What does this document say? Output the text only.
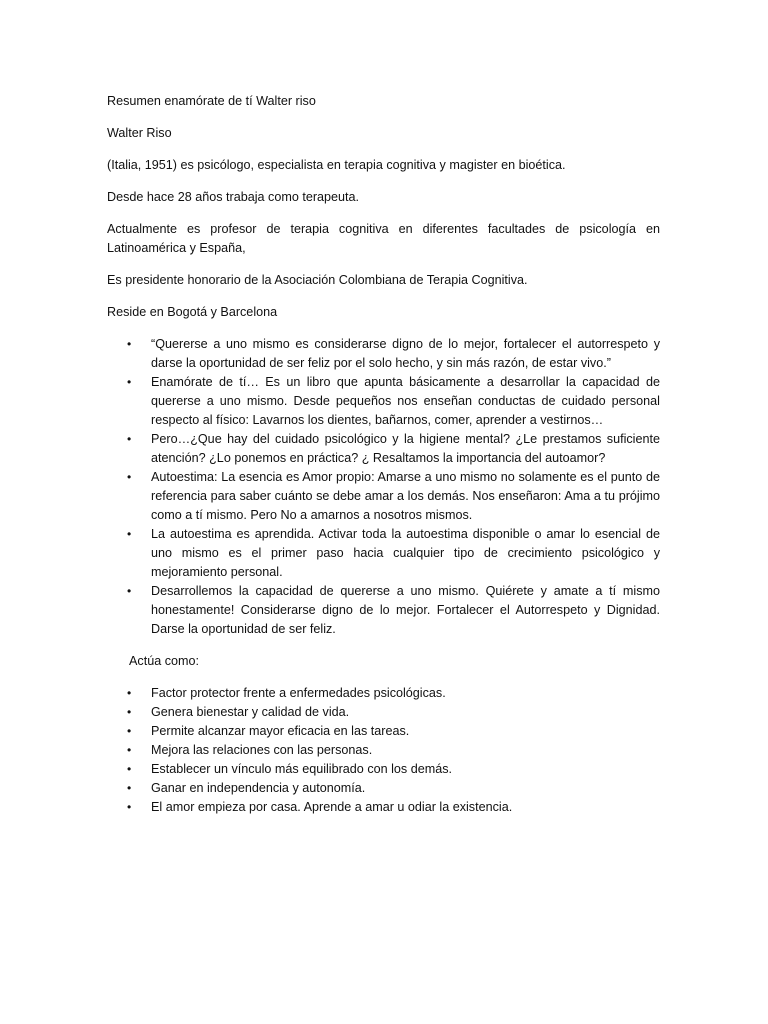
Resumen enamórate de tí Walter riso

Walter Riso

(Italia, 1951) es psicólogo, especialista en terapia cognitiva y magister en bioética.

Desde hace 28 años trabaja como terapeuta.

Actualmente es profesor de terapia cognitiva en diferentes facultades de psicología en Latinoamérica y España,

Es presidente honorario de la Asociación Colombiana de Terapia Cognitiva.

Reside en Bogotá y Barcelona

• “Quererse a uno mismo es considerarse digno de lo mejor, fortalecer el autorrespeto y darse la oportunidad de ser feliz por el solo hecho, y sin más razón, de estar vivo.”
• Enamórate de tí… Es un libro que apunta básicamente a desarrollar la capacidad de quererse a uno mismo. Desde pequeños nos enseñan conductas de cuidado personal respecto al físico: Lavarnos los dientes, bañarnos, comer, aprender a vestirnos…
• Pero…¿Que hay del cuidado psicológico y la higiene mental? ¿Le prestamos suficiente atención? ¿Lo ponemos en práctica? ¿ Resaltamos la importancia del autoamor?
• Autoestima: La esencia es Amor propio: Amarse a uno mismo no solamente es el punto de referencia para saber cuánto se debe amar a los demás. Nos enseñaron: Ama a tu prójimo como a tí mismo. Pero No a amarnos a nosotros mismos.
• La autoestima es aprendida. Activar toda la autoestima disponible o amar lo esencial de uno mismo es el primer paso hacia cualquier tipo de crecimiento psicológico y mejoramiento personal.
• Desarrollemos la capacidad de quererse a uno mismo. Quiérete y amate a tí mismo honestamente! Considerarse digno de lo mejor. Fortalecer el Autorrespeto y Dignidad. Darse la oportunidad de ser feliz.

Actúa como:

• Factor protector frente a enfermedades psicológicas.
• Genera bienestar y calidad de vida.
• Permite alcanzar mayor eficacia en las tareas.
• Mejora las relaciones con las personas.
• Establecer un vínculo más equilibrado con los demás.
• Ganar en independencia y autonomía.
• El amor empieza por casa. Aprende a amar u odiar la existencia.
